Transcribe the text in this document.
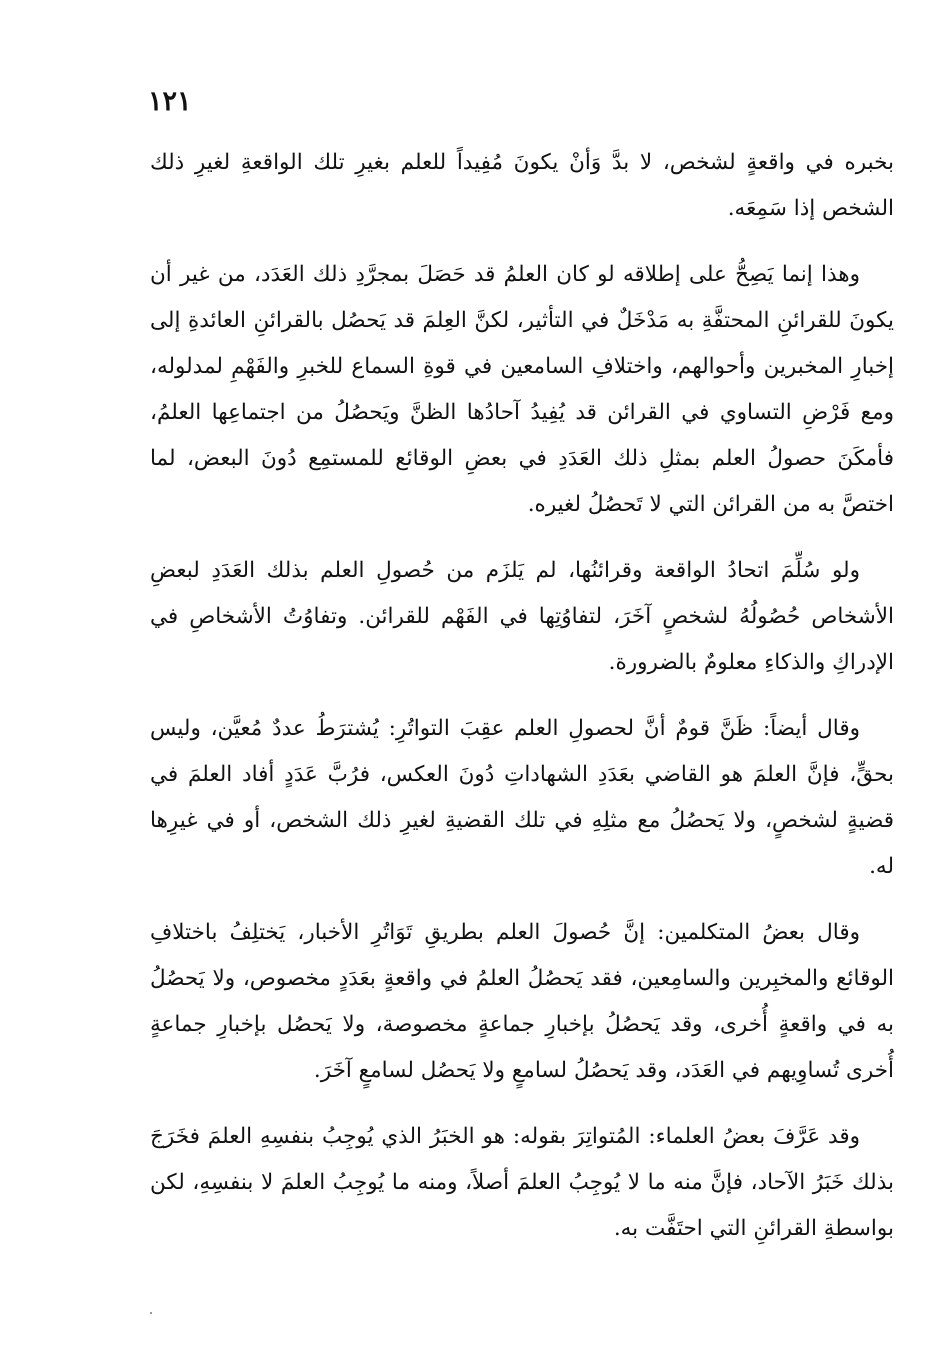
١٢١

بخبره في واقعةٍ لشخص، لا بدَّ وَأنْ يكونَ مُفِيداً للعلم بغيرِ تلك الواقعةِ لغيرِ ذلك الشخص إذا سَمِعَه.

وهذا إنما يَصِحُّ على إطلاقه لو كان العلمُ قد حَصَلَ بمجرَّدِ ذلك العَدَد، من غير أن يكونَ للقرائنِ المحتفَّةِ به مَدْخَلٌ في التأثير، لكنَّ العِلمَ قد يَحصُل بالقرائنِ العائدةِ إلى إخبارِ المخبرين وأحوالهم، واختلافِ السامعين في قوةِ السماع للخبرِ والفَهْمِ لمدلوله، ومع فَرْضِ التساوي في القرائن قد يُفِيدُ آحادُها الظنَّ ويَحصُلُ من اجتماعِها العلمُ، فأمكَنَ حصولُ العلم بمثلِ ذلك العَدَدِ في بعضِ الوقائع للمستمِع دُونَ البعض، لما اختصَّ به من القرائن التي لا تَحصُلُ لغيره.

ولو سُلِّمَ اتحادُ الواقعة وقرائنُها، لم يَلزَم من حُصولِ العلم بذلك العَدَدِ لبعضِ الأشخاص حُصُولُهُ لشخصٍ آخَرَ، لتفاوُتِها في الفَهْم للقرائن. وتفاوُتُ الأشخاصِ في الإدراكِ والذكاءِ معلومٌ بالضرورة.

وقال أيضاً: ظَنَّ قومٌ أنَّ لحصولِ العلم عقِبَ التواتُرِ: يُشترَطُ عددٌ مُعيَّن، وليس بحقٍّ، فإنَّ العلمَ هو القاضي بعَدَدِ الشهاداتِ دُونَ العكس، فرُبَّ عَدَدٍ أفاد العلمَ في قضيةٍ لشخصٍ، ولا يَحصُلُ مع مثلِهِ في تلك القضيةِ لغيرِ ذلك الشخص، أو في غيرِها له.

وقال بعضُ المتكلمين: إنَّ حُصولَ العلم بطريقِ تَوَاتُرِ الأخبار، يَختلِفُ باختلافِ الوقائع والمخبِرين والسامِعين، فقد يَحصُلُ العلمُ في واقعةٍ بعَدَدٍ مخصوص، ولا يَحصُلُ به في واقعةٍ أُخرى، وقد يَحصُلُ بإخبارِ جماعةٍ مخصوصة، ولا يَحصُل بإخبارِ جماعةٍ أُخرى تُساوِيهم في العَدَد، وقد يَحصُلُ لسامعٍ ولا يَحصُل لسامعٍ آخَرَ.

وقد عَرَّفَ بعضُ العلماء: المُتواتِرَ بقوله: هو الخبَرُ الذي يُوجِبُ بنفسِهِ العلمَ فخَرَجَ بذلك خَبَرُ الآحاد، فإنَّ منه ما لا يُوجِبُ العلمَ أصلاً، ومنه ما يُوجِبُ العلمَ لا بنفسِهِ، لكن بواسطةِ القرائنِ التي احتَفَّت به.
